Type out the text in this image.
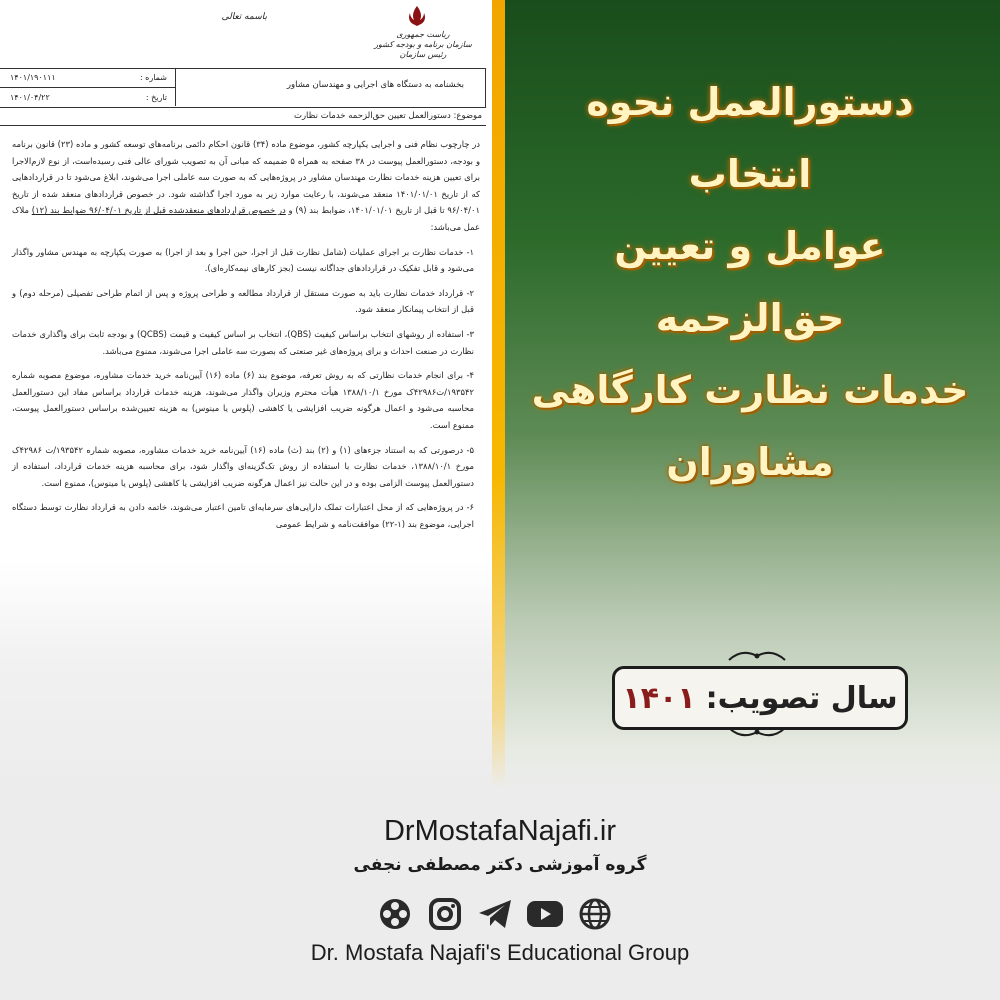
ریاست جمهوری
سازمان برنامه و بودجه کشور
رئیس سازمان
باسمه تعالی
بخشنامه به دستگاه های اجرایی و مهندسان مشاور
شماره :
۱۴۰۱/۱۹۰۱۱۱
تاریخ :
۱۴۰۱/۰۴/۲۲
موضوع: دستورالعمل تعیین حق‌الزحمه خدمات نظارت

در چارچوب نظام فنی و اجرایی یکپارچه کشور، موضوع ماده (۳۴) قانون احکام دائمی برنامه‌های توسعه کشور و ماده (۲۳) قانون برنامه و بودجه، دستورالعمل پیوست در ۳۸ صفحه به همراه ۵ ضمیمه که مبانی آن به تصویب شورای عالی فنی رسیده‌است، از نوع لازم‌الاجرا برای تعیین هزینه خدمات نظارت مهندسان مشاور در پروژه‌هایی که به صورت سه عاملی اجرا می‌شوند، ابلاغ می‌شود تا در قراردادهایی که از تاریخ ۱۴۰۱/۰۱/۰۱ منعقد می‌شوند، با رعایت موارد زیر به مورد اجرا گذاشته شود. در خصوص قراردادهای منعقد شده از تاریخ ۹۶/۰۴/۰۱ تا قبل از تاریخ ۱۴۰۱/۰۱/۰۱، ضوابط بند (۹) و در خصوص قراردادهای منعقدشده قبل از تاریخ ۹۶/۰۴/۰۱ ضوابط بند (۱۲) ملاک عمل می‌باشد:

۱- خدمات نظارت بر اجرای عملیات (شامل نظارت قبل از اجرا، حین اجرا و بعد از اجرا) به صورت یکپارچه به مهندس مشاور واگذار می‌شود و قابل تفکیک در قراردادهای جداگانه نیست (بجز کارهای نیمه‌کاره‌ای).

۲- قرارداد خدمات نظارت باید به صورت مستقل از قرارداد مطالعه و طراحی پروژه و پس از اتمام طراحی تفصیلی (مرحله دوم) و قبل از انتخاب پیمانکار منعقد شود.

۳- استفاده از روشهای انتخاب براساس کیفیت (QBS)، انتخاب بر اساس کیفیت و قیمت (QCBS) و بودجه ثابت برای واگذاری خدمات نظارت در صنعت احداث و برای پروژه‌های غیر صنعتی که بصورت سه عاملی اجرا می‌شوند، ممنوع می‌باشد.

۴- برای انجام خدمات نظارتی که به روش تعرفه، موضوع بند (۶) ماده (۱۶) آیین‌نامه خرید خدمات مشاوره، موضوع مصوبه شماره ۱۹۳۵۴۲/ت۴۲۹۸۶ک مورخ ۱۳۸۸/۱۰/۱ هیأت محترم وزیران واگذار می‌شوند، هزینه خدمات قرارداد براساس مفاد این دستورالعمل محاسبه می‌شود و اعمال هرگونه ضریب افزایشی یا کاهشی (پلوس یا مینوس) به هزینه تعیین‌شده براساس دستورالعمل پیوست، ممنوع است.

۵- درصورتی که به استناد جزء‌های (۱) و (۲) بند (ث) ماده (۱۶) آیین‌نامه خرید خدمات مشاوره، مصوبه شماره ۱۹۳۵۴۲/ت ۴۲۹۸۶ک مورخ ۱۳۸۸/۱۰/۱، خدمات نظارت با استفاده از روش تک‌گزینه‌ای واگذار شود، برای محاسبه هزینه خدمات قرارداد، استفاده از دستورالعمل پیوست الزامی بوده و در این حالت نیز اعمال هرگونه ضریب افزایشی یا کاهشی (پلوس یا مینوس)، ممنوع است.

۶- در پروژه‌هایی که از محل اعتبارات تملک دارایی‌های سرمایه‌ای تامین اعتبار می‌شوند، خاتمه دادن به قرارداد نظارت توسط دستگاه اجرایی، موضوع بند (۱-۲۲) موافقت‌نامه و شرایط عمومی

دستورالعمل نحوه انتخاب
عوامل و تعیین حق‌الزحمه
خدمات نظارت کارگاهی
مشاوران
سال تصویب:
۱۴۰۱
DrMostafaNajafi.ir
گروه آموزشی دکتر مصطفی نجفی
Dr. Mostafa Najafi's Educational Group
